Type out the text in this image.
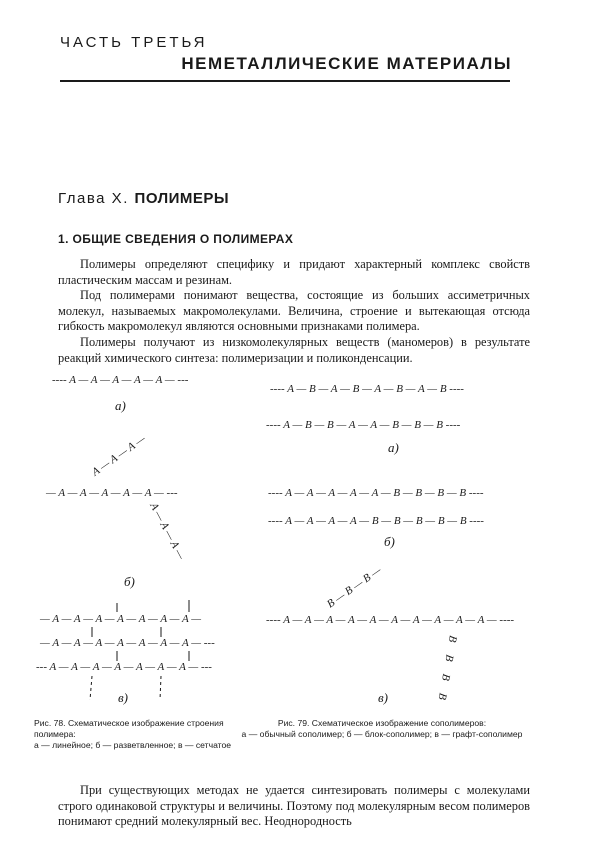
ЧАСТЬ ТРЕТЬЯ
НЕМЕТАЛЛИЧЕСКИЕ МАТЕРИАЛЫ
Глава X. ПОЛИМЕРЫ
1. ОБЩИЕ СВЕДЕНИЯ О ПОЛИМЕРАХ

Полимеры определяют специфику и придают характерный комплекс свойств пластическим массам и резинам.

Под полимерами понимают вещества, состоящие из больших ассиметричных молекул, называемых макромолекулами. Величина, строение и вытекающая отсюда гибкость макромолекул являются основными признаками полимера.

Полимеры получают из низкомолекулярных веществ (маномеров) в результате реакций химического синтеза: полимеризации и поликонденсации.

---- A — A — A — A — A — ---
а)
A — A — A —
— A — A — A — A — A — ---
A — A — A —
б)
— A — A — A — A — A — A — A —
— A — A — A — A — A — A — A — ---
--- A — A — A — A — A — A — A — ---
в)
---- A — B — A — B — A — B — A — B ----
---- A — B — B — A — A — B — B — B ----
а)
---- A — A — A — A — A — B — B — B — B ----
---- A — A — A — A — B — B — B — B — B ----
б)
B — B — B —
---- A — A — A — A — A — A — A — A — A — A — ----
B B B B
в)
Рис. 78. Схематическое изображение строения полимера:
а — линейное; б — разветвленное; в — сетчатое
Рис. 79. Схематическое изображение сополимеров:
а — обычный сополимер; б — блок-сополимер; в — графт-сополимер

При существующих методах не удается синтезировать полимеры с молекулами строго одинаковой структуры и величины. Поэтому под молекулярным весом полимеров понимают средний молекулярный вес. Неоднородность
